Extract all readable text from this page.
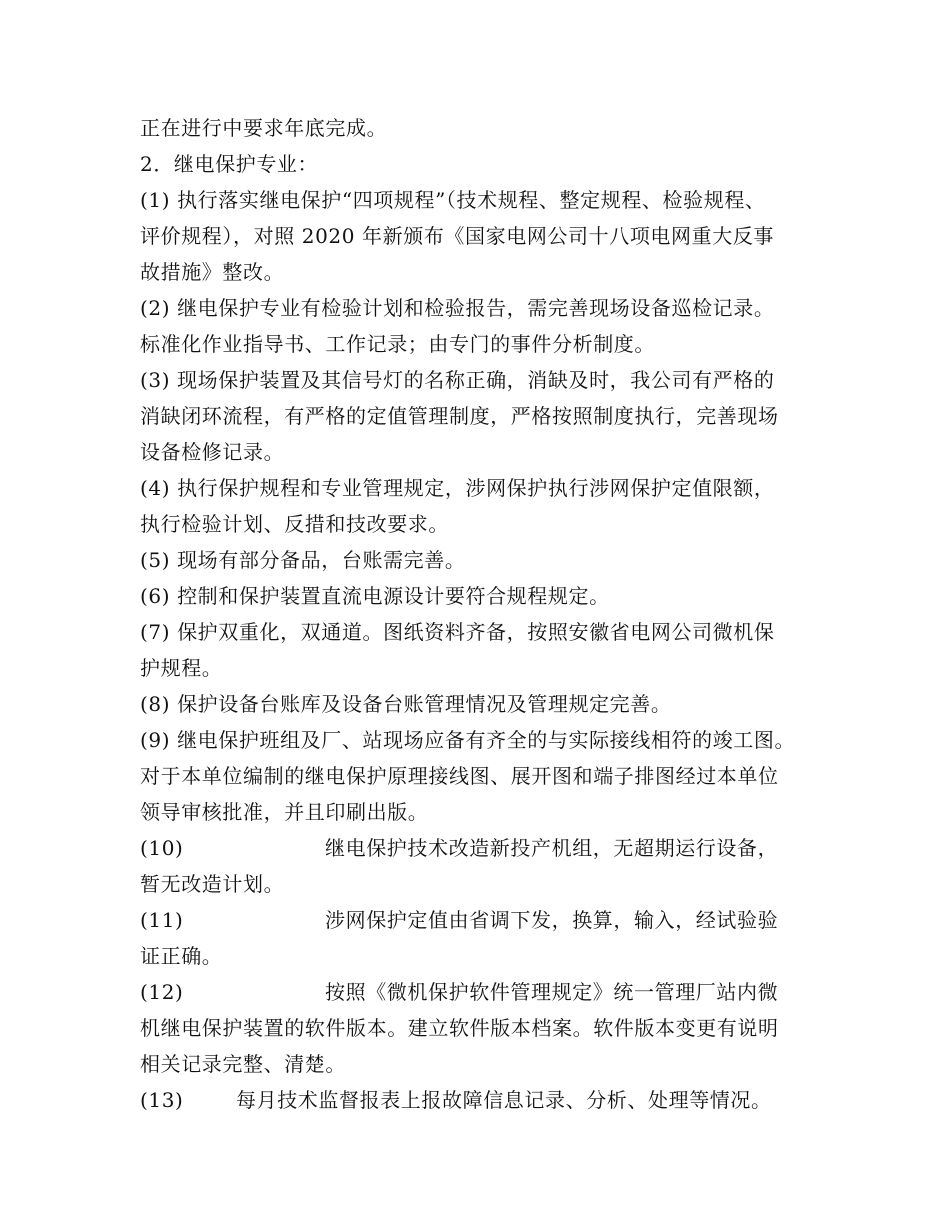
正在进行中要求年底完成。
2．继电保护专业：
(1) 执行落实继电保护“四项规程”（技术规程、整定规程、检验规程、
评价规程），对照 2020 年新颁布《国家电网公司十八项电网重大反事
故措施》整改。
(2) 继电保护专业有检验计划和检验报告，需完善现场设备巡检记录。
标准化作业指导书、工作记录；由专门的事件分析制度。
(3) 现场保护装置及其信号灯的名称正确，消缺及时，我公司有严格的
消缺闭环流程，有严格的定值管理制度，严格按照制度执行，完善现场
设备检修记录。
(4) 执行保护规程和专业管理规定，涉网保护执行涉网保护定值限额，
执行检验计划、反措和技改要求。
(5) 现场有部分备品，台账需完善。
(6) 控制和保护装置直流电源设计要符合规程规定。
(7) 保护双重化，双通道。图纸资料齐备，按照安徽省电网公司微机保
护规程。
(8) 保护设备台账库及设备台账管理情况及管理规定完善。
(9) 继电保护班组及厂、站现场应备有齐全的与实际接线相符的竣工图。
对于本单位编制的继电保护原理接线图、展开图和端子排图经过本单位
领导审核批准，并且印刷出版。
(10)	继电保护技术改造新投产机组，无超期运行设备，
暂无改造计划。
(11)	涉网保护定值由省调下发，换算，输入，经试验验
证正确。
(12)	按照《微机保护软件管理规定》统一管理厂站内微
机继电保护装置的软件版本。建立软件版本档案。软件版本变更有说明
相关记录完整、清楚。
(13)	每月技术监督报表上报故障信息记录、分析、处理等情况。
